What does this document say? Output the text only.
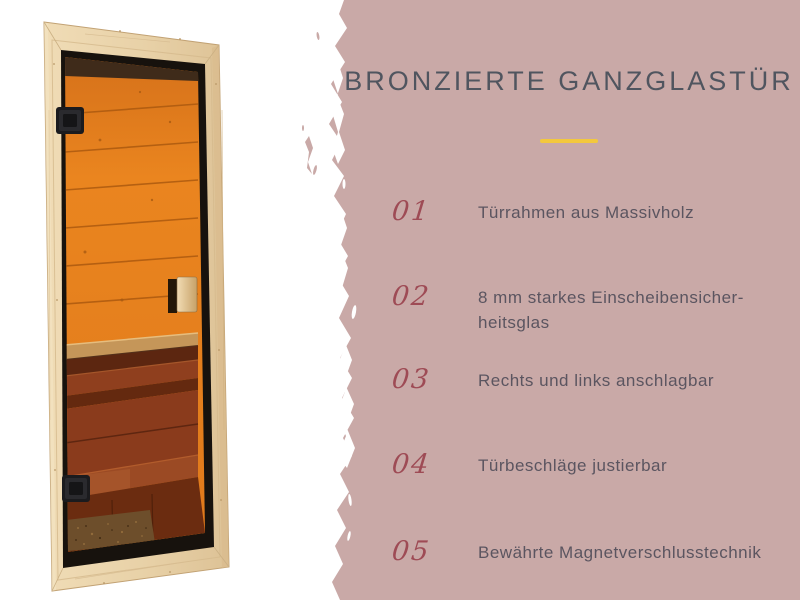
BRONZIERTE GANZGLASTÜR
01	Türrahmen aus Massivholz
02	8 mm starkes Einscheibensicher-heitsglas
03	Rechts und links anschlagbar
04	Türbeschläge justierbar
05	Bewährte Magnetverschlusstechnik
